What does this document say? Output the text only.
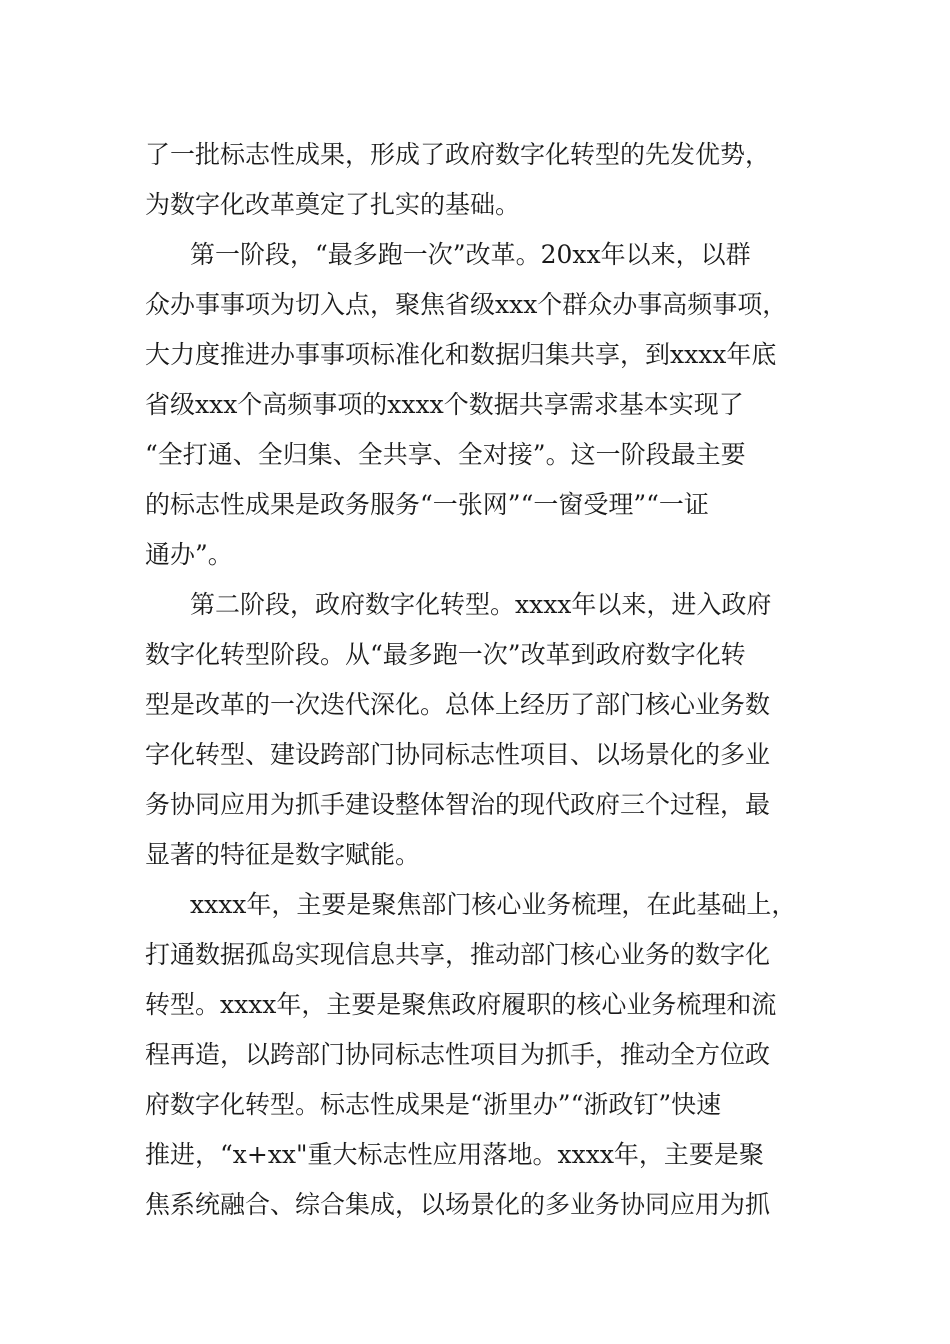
了一批标志性成果，形成了政府数字化转型的先发优势，
为数字化改革奠定了扎实的基础。
第一阶段，“最多跑一次”改革。20xx年以来，以群
众办事事项为切入点，聚焦省级xxx个群众办事高频事项，
大力度推进办事事项标准化和数据归集共享，到xxxx年底
省级xxx个高频事项的xxxx个数据共享需求基本实现了
“全打通、全归集、全共享、全对接”。这一阶段最主要
的标志性成果是政务服务“一张网”“一窗受理”“一证
通办”。
第二阶段，政府数字化转型。xxxx年以来，进入政府
数字化转型阶段。从“最多跑一次”改革到政府数字化转
型是改革的一次迭代深化。总体上经历了部门核心业务数
字化转型、建设跨部门协同标志性项目、以场景化的多业
务协同应用为抓手建设整体智治的现代政府三个过程，最
显著的特征是数字赋能。
xxxx年，主要是聚焦部门核心业务梳理，在此基础上，
打通数据孤岛实现信息共享，推动部门核心业务的数字化
转型。xxxx年，主要是聚焦政府履职的核心业务梳理和流
程再造，以跨部门协同标志性项目为抓手，推动全方位政
府数字化转型。标志性成果是“浙里办”“浙政钉”快速
推进，“x+xx"重大标志性应用落地。xxxx年，主要是聚
焦系统融合、综合集成，以场景化的多业务协同应用为抓
